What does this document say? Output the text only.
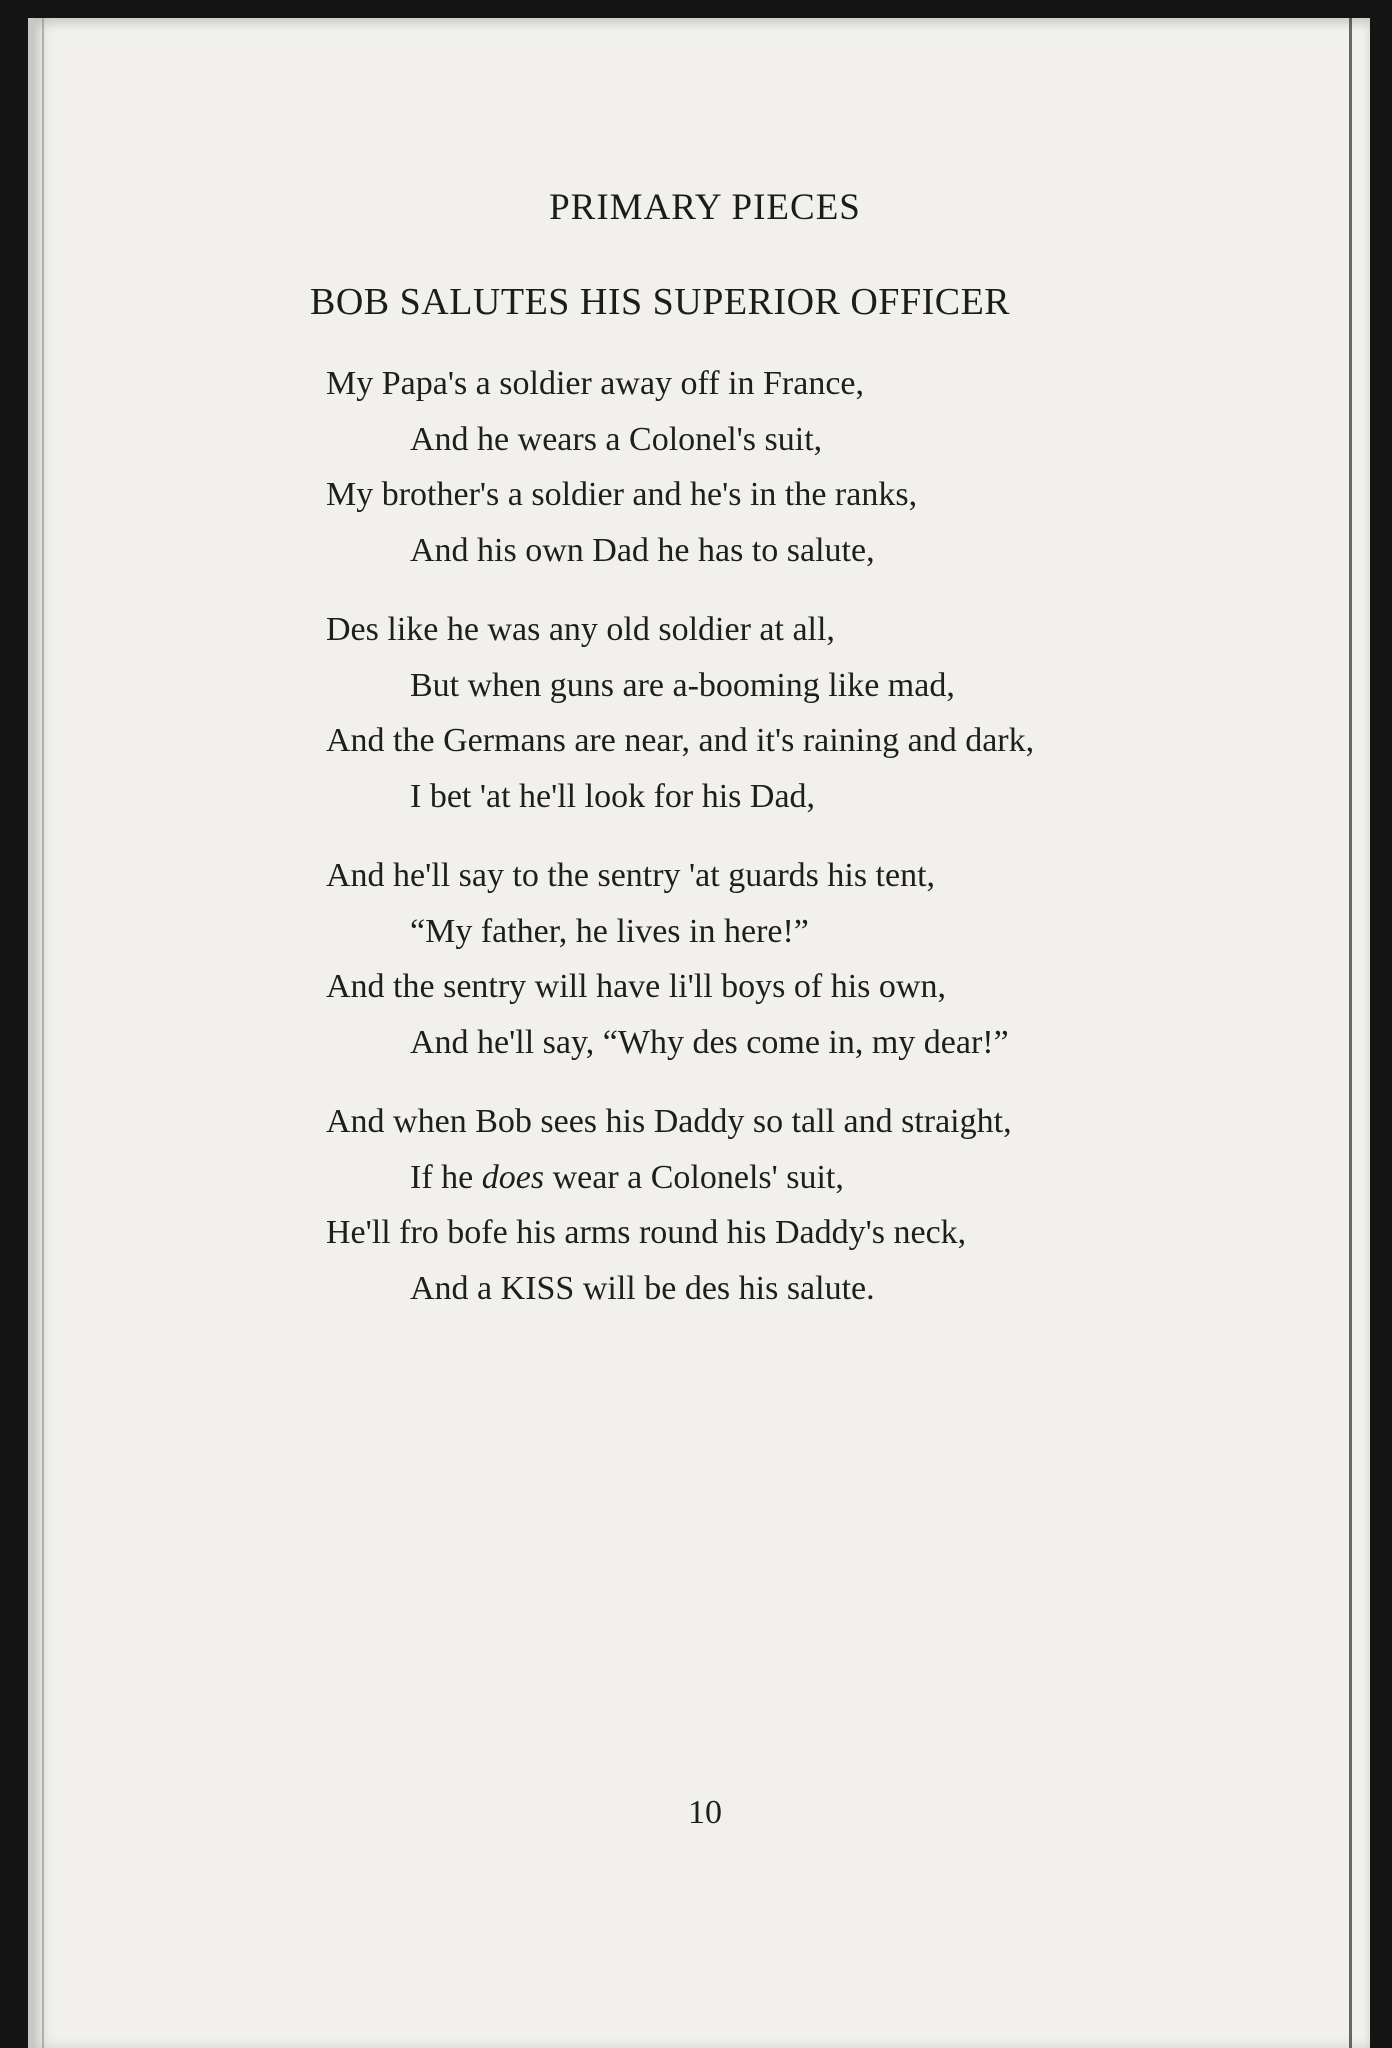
PRIMARY PIECES
BOB SALUTES HIS SUPERIOR OFFICER
My Papa's a soldier away off in France,
And he wears a Colonel's suit,
My brother's a soldier and he's in the ranks,
And his own Dad he has to salute,
Des like he was any old soldier at all,
But when guns are a-booming like mad,
And the Germans are near, and it's raining and dark,
I bet 'at he'll look for his Dad,
And he'll say to the sentry 'at guards his tent,
“My father, he lives in here!”
And the sentry will have li'll boys of his own,
And he'll say, “Why des come in, my dear!”
And when Bob sees his Daddy so tall and straight,
If he does wear a Colonels' suit,
He'll fro bofe his arms round his Daddy's neck,
And a KISS will be des his salute.
10
